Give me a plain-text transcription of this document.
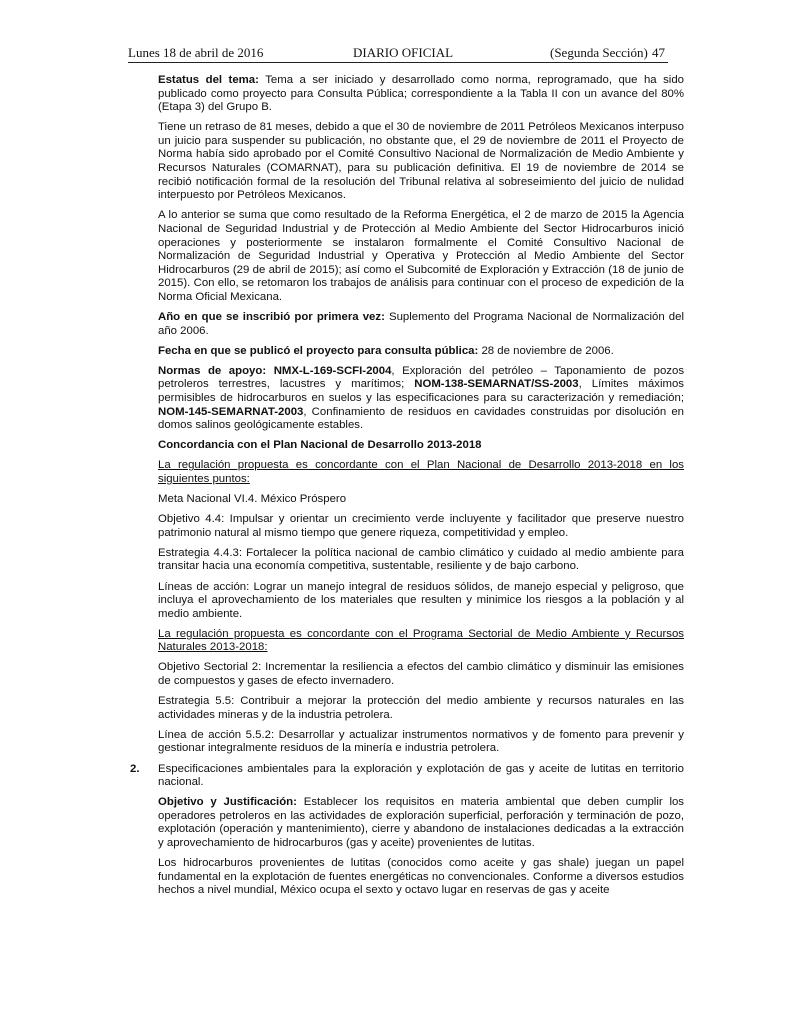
Lunes 18 de abril de 2016	DIARIO OFICIAL	(Segunda Sección) 47

Estatus del tema: Tema a ser iniciado y desarrollado como norma, reprogramado, que ha sido publicado como proyecto para Consulta Pública; correspondiente a la Tabla II con un avance del 80% (Etapa 3) del Grupo B.

Tiene un retraso de 81 meses, debido a que el 30 de noviembre de 2011 Petróleos Mexicanos interpuso un juicio para suspender su publicación, no obstante que, el 29 de noviembre de 2011 el Proyecto de Norma había sido aprobado por el Comité Consultivo Nacional de Normalización de Medio Ambiente y Recursos Naturales (COMARNAT), para su publicación definitiva. El 19 de noviembre de 2014 se recibió notificación formal de la resolución del Tribunal relativa al sobreseimiento del juicio de nulidad interpuesto por Petróleos Mexicanos.

A lo anterior se suma que como resultado de la Reforma Energética, el 2 de marzo de 2015 la Agencia Nacional de Seguridad Industrial y de Protección al Medio Ambiente del Sector Hidrocarburos inició operaciones y posteriormente se instalaron formalmente el Comité Consultivo Nacional de Normalización de Seguridad Industrial y Operativa y Protección al Medio Ambiente del Sector Hidrocarburos (29 de abril de 2015); así como el Subcomité de Exploración y Extracción (18 de junio de 2015). Con ello, se retomaron los trabajos de análisis para continuar con el proceso de expedición de la Norma Oficial Mexicana.

Año en que se inscribió por primera vez: Suplemento del Programa Nacional de Normalización del año 2006.

Fecha en que se publicó el proyecto para consulta pública: 28 de noviembre de 2006.

Normas de apoyo: NMX-L-169-SCFI-2004, Exploración del petróleo – Taponamiento de pozos petroleros terrestres, lacustres y marítimos; NOM-138-SEMARNAT/SS-2003, Límites máximos permisibles de hidrocarburos en suelos y las especificaciones para su caracterización y remediación; NOM-145-SEMARNAT-2003, Confinamiento de residuos en cavidades construidas por disolución en domos salinos geológicamente estables.

Concordancia con el Plan Nacional de Desarrollo 2013-2018

La regulación propuesta es concordante con el Plan Nacional de Desarrollo 2013-2018 en los siguientes puntos:

Meta Nacional VI.4. México Próspero

Objetivo 4.4: Impulsar y orientar un crecimiento verde incluyente y facilitador que preserve nuestro patrimonio natural al mismo tiempo que genere riqueza, competitividad y empleo.

Estrategia 4.4.3: Fortalecer la política nacional de cambio climático y cuidado al medio ambiente para transitar hacia una economía competitiva, sustentable, resiliente y de bajo carbono.

Líneas de acción: Lograr un manejo integral de residuos sólidos, de manejo especial y peligroso, que incluya el aprovechamiento de los materiales que resulten y minimice los riesgos a la población y al medio ambiente.

La regulación propuesta es concordante con el Programa Sectorial de Medio Ambiente y Recursos Naturales 2013-2018:

Objetivo Sectorial 2: Incrementar la resiliencia a efectos del cambio climático y disminuir las emisiones de compuestos y gases de efecto invernadero.

Estrategia 5.5: Contribuir a mejorar la protección del medio ambiente y recursos naturales en las actividades mineras y de la industria petrolera.

Línea de acción 5.5.2: Desarrollar y actualizar instrumentos normativos y de fomento para prevenir y gestionar integralmente residuos de la minería e industria petrolera.

2. Especificaciones ambientales para la exploración y explotación de gas y aceite de lutitas en territorio nacional.

Objetivo y Justificación: Establecer los requisitos en materia ambiental que deben cumplir los operadores petroleros en las actividades de exploración superficial, perforación y terminación de pozo, explotación (operación y mantenimiento), cierre y abandono de instalaciones dedicadas a la extracción y aprovechamiento de hidrocarburos (gas y aceite) provenientes de lutitas.

Los hidrocarburos provenientes de lutitas (conocidos como aceite y gas shale) juegan un papel fundamental en la explotación de fuentes energéticas no convencionales. Conforme a diversos estudios hechos a nivel mundial, México ocupa el sexto y octavo lugar en reservas de gas y aceite
